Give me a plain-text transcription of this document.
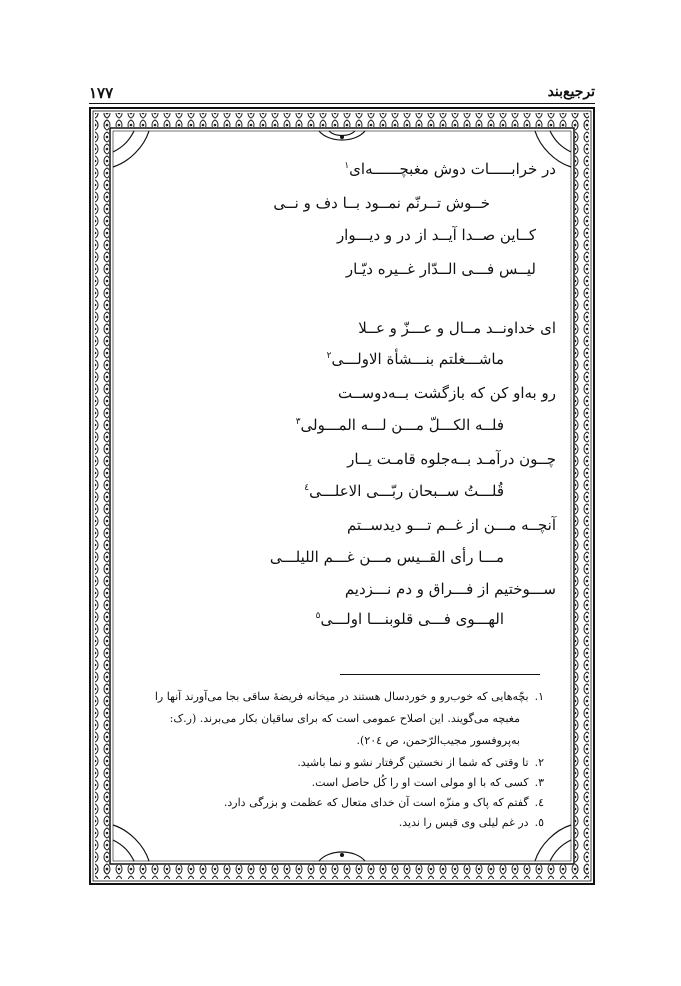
١٧٧	ترجیع‌بند
در خرابـــــات دوش مغبچــــــه‌ای$^١$
خــوش تــرنّم نمــود بــا دف و نــی
کــاین صــدا آیــد از در و دیـــوار
لیــس فـــی الــدّار غــیره دیّـار
ای خداونــد مــال و عـــزّ و عــلا
ماشـــغلتم بنـــشأة الاولـــی$^٢$
رو به‌او کن که بازگشت بــه‌دوســت
فلــه الکـــلّ مـــن لـــه المـــولی$^٣$
چــون درآمـد بــه‌جلوه قامـت یــار
قُلـــتُ ســبحان ربّـــی الاعلـــی$^٤$
آنچــه مـــن از غــم تـــو دیدســتم
مـــا رأی القــیس مـــن غـــم اللیلـــی
ســـوختیم از فـــراق و دم نـــزدیم
الهـــوی فـــی قلوبنـــا اولـــی$^٥$
١.بچّه‌هایی که خوب‌رو و خوردسال هستند در میخانه فریضهٔ ساقی بجا می‌آورند آنها را
مغبچه می‌گویند. این اصلاح عمومی است که برای ساقیان بکار می‌برند. (ر.ک:
به‌پروفسور مجیب‌الرّحمن، ص ٢٠٤).
٢.تا وقتی که شما از نخستین گرفتار نشو و نما باشید.
٣.کسی که با او مولی است او را کُل حاصل است.
٤.گفتم که پاک و منزّه است آن خدای متعال که عظمت و بزرگی دارد.
٥.در غم لیلی وی قیس را ندید.
